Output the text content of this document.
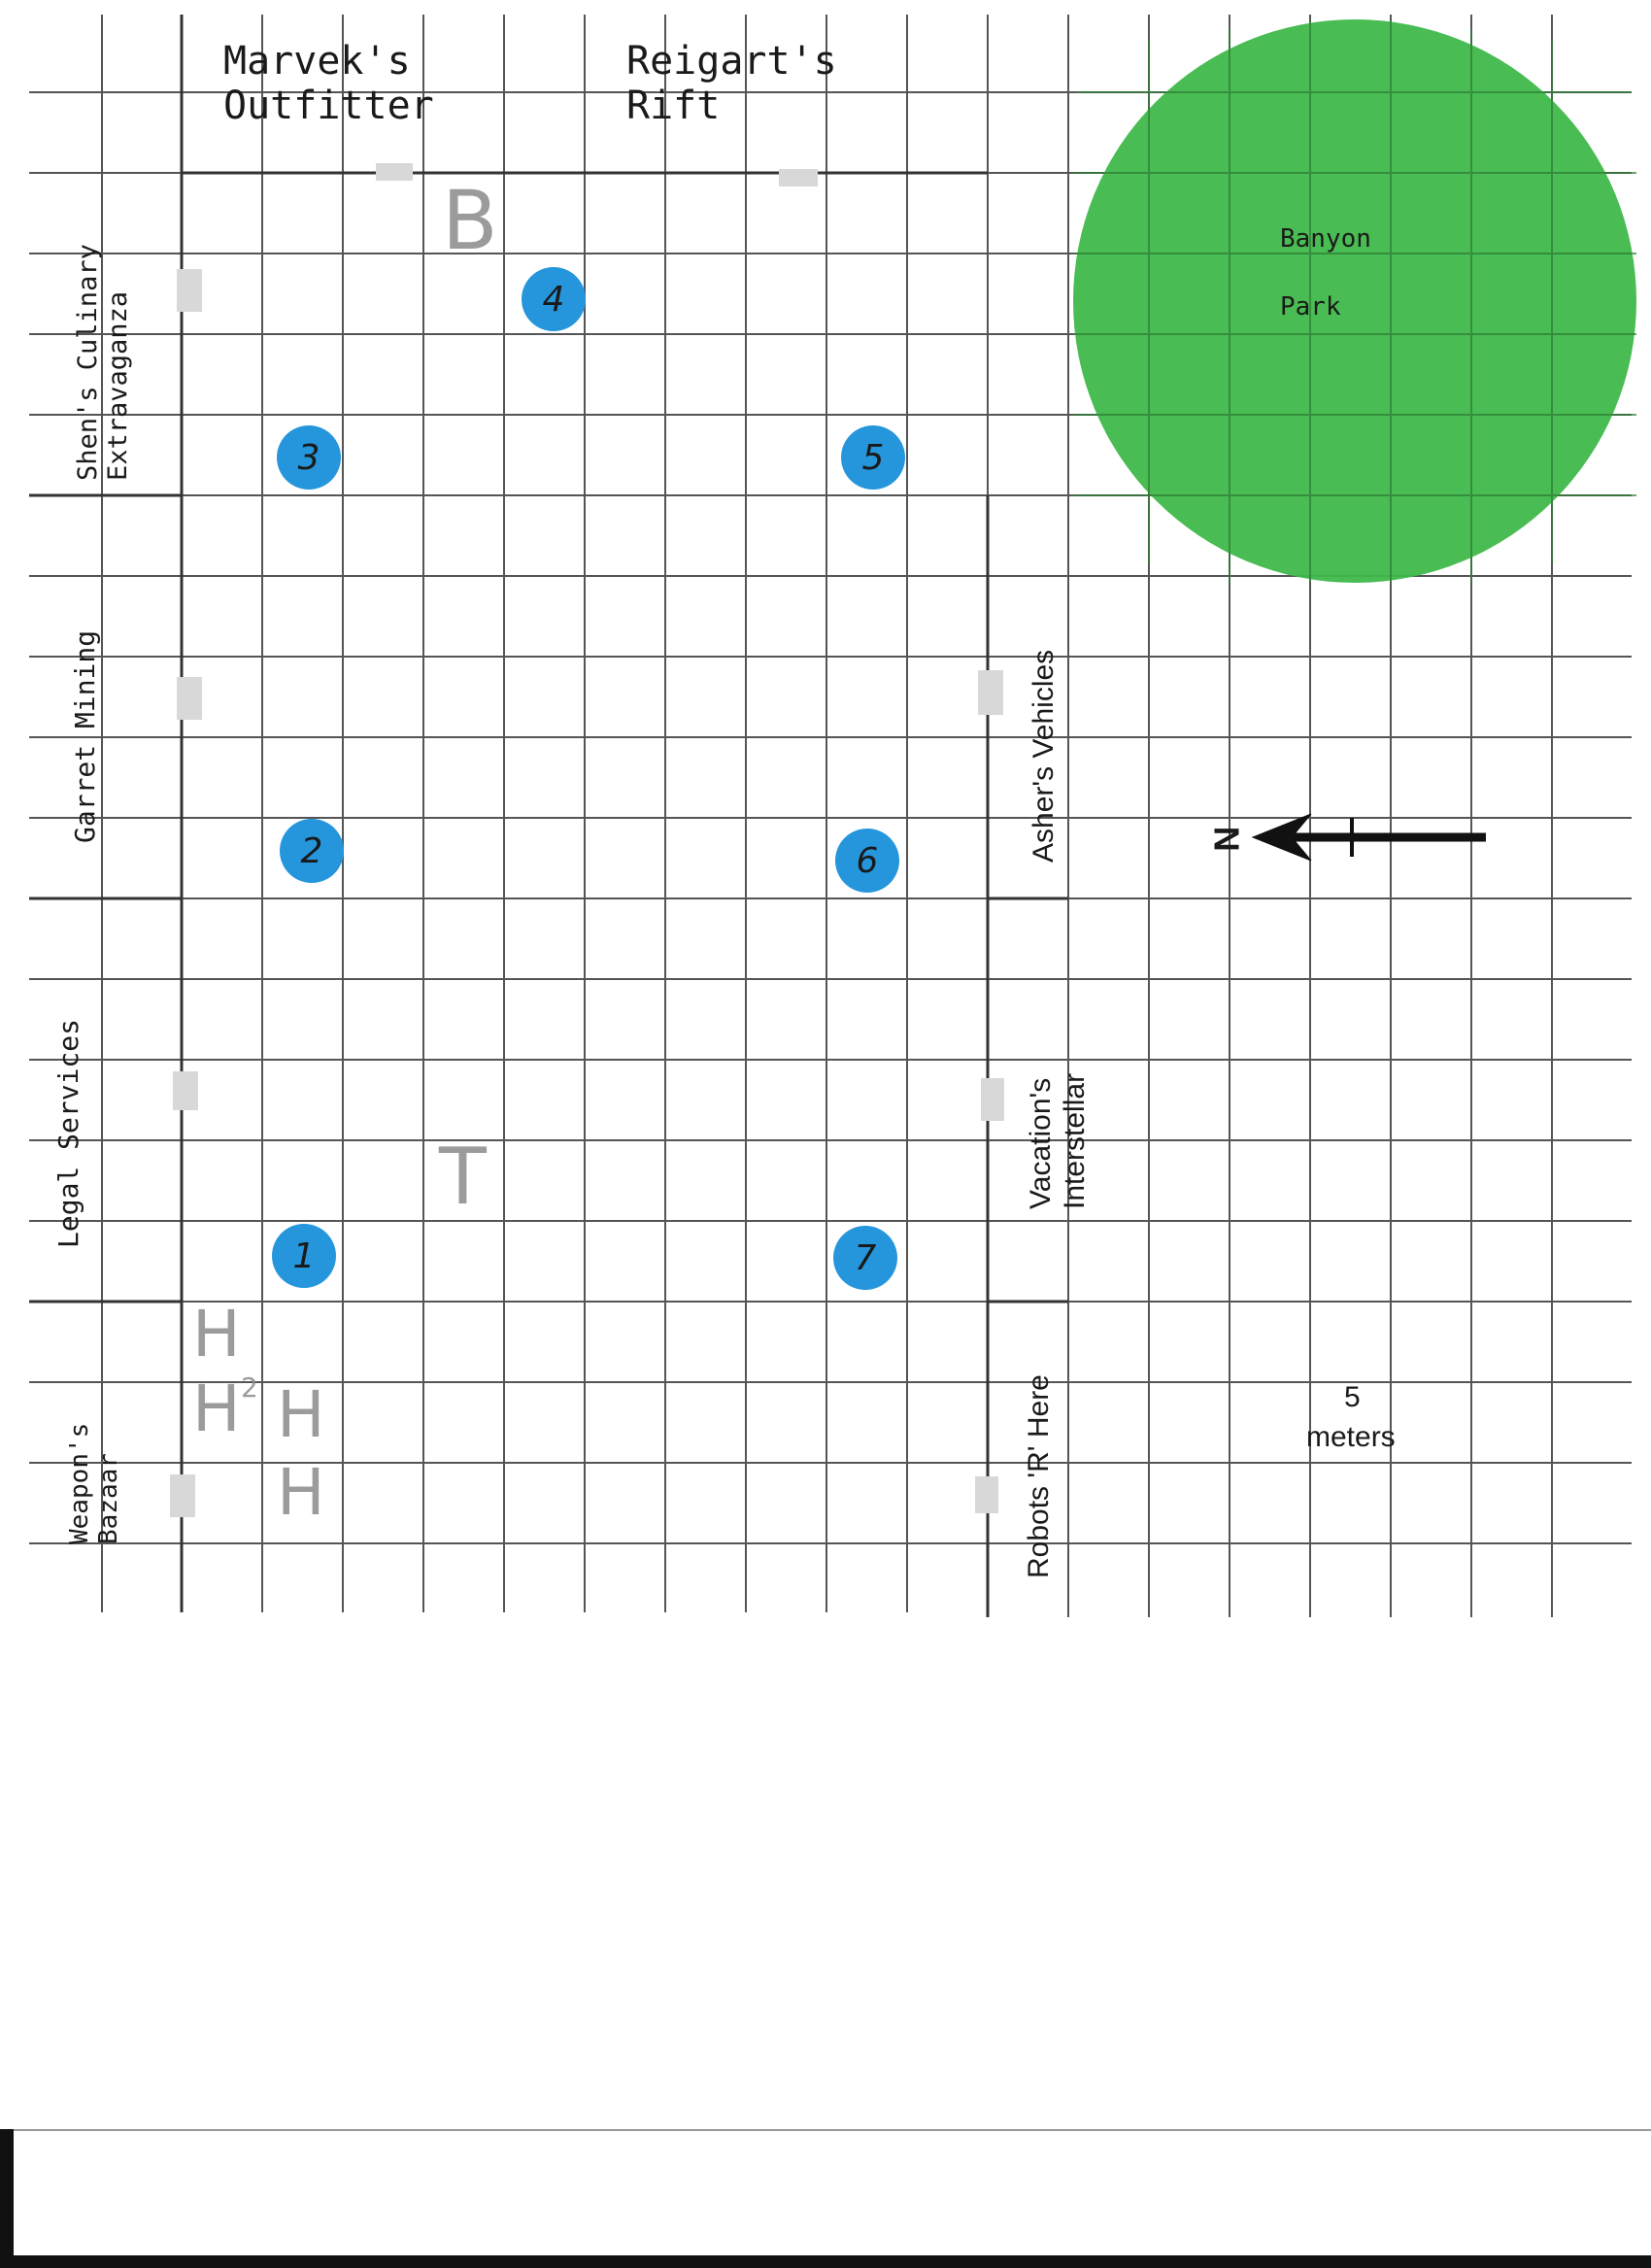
Marvek's
Outfitter
Reigart's
Rift
Shen's Culinary Extravaganza
Garret Mining
Legal Services
Weapon's Bazaar
Asher's Vehicles
Vacation's Interstellar
Robots 'R' Here
Banyon
Park
1
2
3
4
5
6
7
B
T
H
H 2 H
H
N
5
meters
